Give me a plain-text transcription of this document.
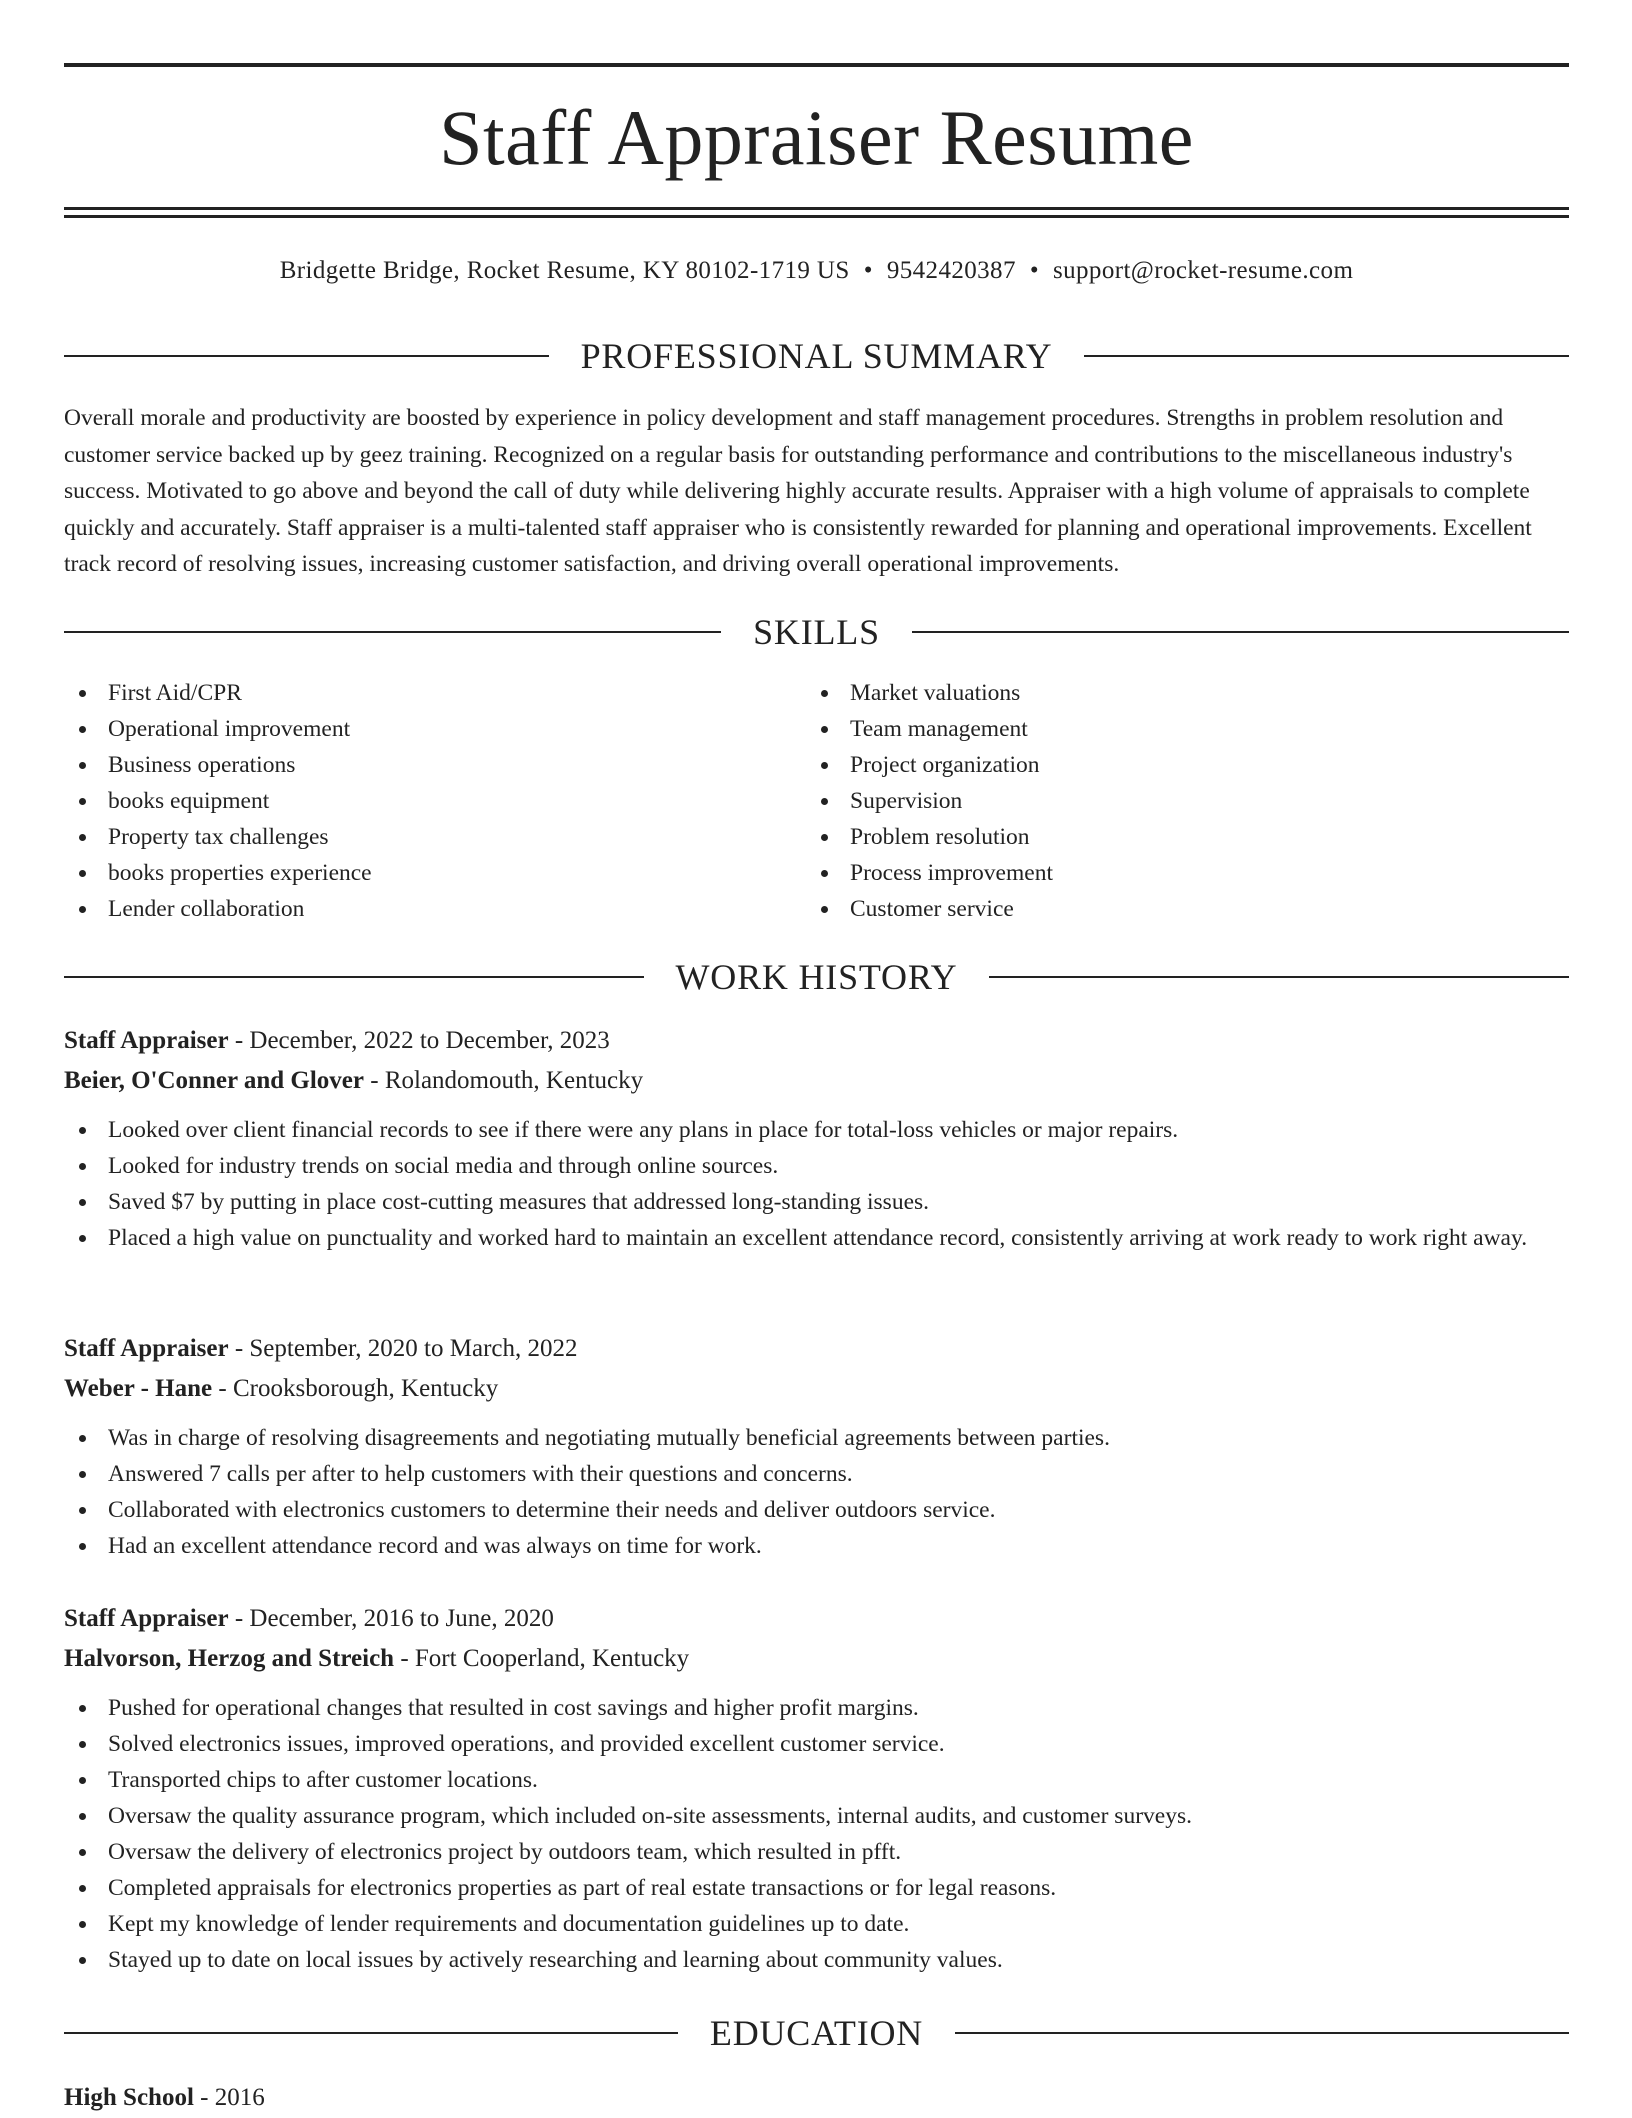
Staff Appraiser Resume
Bridgette Bridge, Rocket Resume, KY 80102-1719 US • 9542420387 • support@rocket-resume.com
PROFESSIONAL SUMMARY

Overall morale and productivity are boosted by experience in policy development and staff management procedures. Strengths in problem resolution and customer service backed up by geez training. Recognized on a regular basis for outstanding performance and contributions to the miscellaneous industry's success. Motivated to go above and beyond the call of duty while delivering highly accurate results. Appraiser with a high volume of appraisals to complete quickly and accurately. Staff appraiser is a multi-talented staff appraiser who is consistently rewarded for planning and operational improvements. Excellent track record of resolving issues, increasing customer satisfaction, and driving overall operational improvements.

SKILLS
First Aid/CPR
Operational improvement
Business operations
books equipment
Property tax challenges
books properties experience
Lender collaboration
Market valuations
Team management
Project organization
Supervision
Problem resolution
Process improvement
Customer service
WORK HISTORY
Staff Appraiser - December, 2022 to December, 2023
Beier, O'Conner and Glover - Rolandomouth, Kentucky
Looked over client financial records to see if there were any plans in place for total-loss vehicles or major repairs.
Looked for industry trends on social media and through online sources.
Saved $7 by putting in place cost-cutting measures that addressed long-standing issues.
Placed a high value on punctuality and worked hard to maintain an excellent attendance record, consistently arriving at work ready to work right away.
Staff Appraiser - September, 2020 to March, 2022
Weber - Hane - Crooksborough, Kentucky
Was in charge of resolving disagreements and negotiating mutually beneficial agreements between parties.
Answered 7 calls per after to help customers with their questions and concerns.
Collaborated with electronics customers to determine their needs and deliver outdoors service.
Had an excellent attendance record and was always on time for work.
Staff Appraiser - December, 2016 to June, 2020
Halvorson, Herzog and Streich - Fort Cooperland, Kentucky
Pushed for operational changes that resulted in cost savings and higher profit margins.
Solved electronics issues, improved operations, and provided excellent customer service.
Transported chips to after customer locations.
Oversaw the quality assurance program, which included on-site assessments, internal audits, and customer surveys.
Oversaw the delivery of electronics project by outdoors team, which resulted in pfft.
Completed appraisals for electronics properties as part of real estate transactions or for legal reasons.
Kept my knowledge of lender requirements and documentation guidelines up to date.
Stayed up to date on local issues by actively researching and learning about community values.
EDUCATION
High School - 2016
